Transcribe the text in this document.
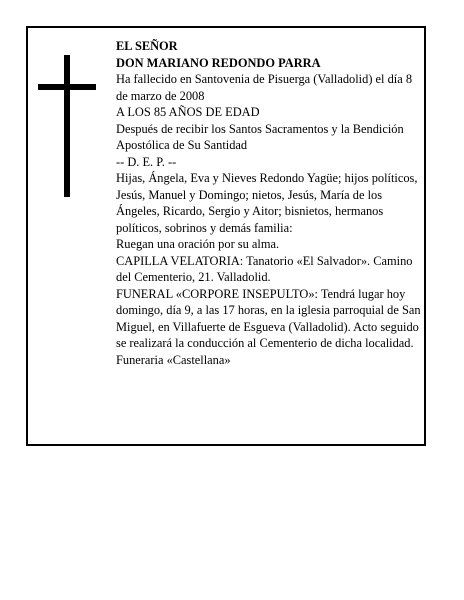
EL SEÑOR

DON MARIANO REDONDO PARRA

Ha fallecido en Santovenia de Pisuerga (Valladolid) el día 8 de marzo de 2008

A LOS 85 AÑOS DE EDAD

Después de recibir los Santos Sacramentos y la Bendición Apostólica de Su Santidad

-- D. E. P. --

Hijas, Ángela, Eva y Nieves Redondo Yagüe; hijos políticos, Jesús, Manuel y Domingo; nietos, Jesús, María de los Ángeles, Ricardo, Sergio y Aitor; bisnietos, hermanos políticos, sobrinos y demás familia:

Ruegan una oración por su alma.

CAPILLA VELATORIA: Tanatorio «El Salvador». Camino del Cementerio, 21. Valladolid.

FUNERAL «CORPORE INSEPULTO»: Tendrá lugar hoy domingo, día 9, a las 17 horas, en la iglesia parroquial de San Miguel, en Villafuerte de Esgueva (Valladolid). Acto seguido se realizará la conducción al Cementerio de dicha localidad.

Funeraria «Castellana»
